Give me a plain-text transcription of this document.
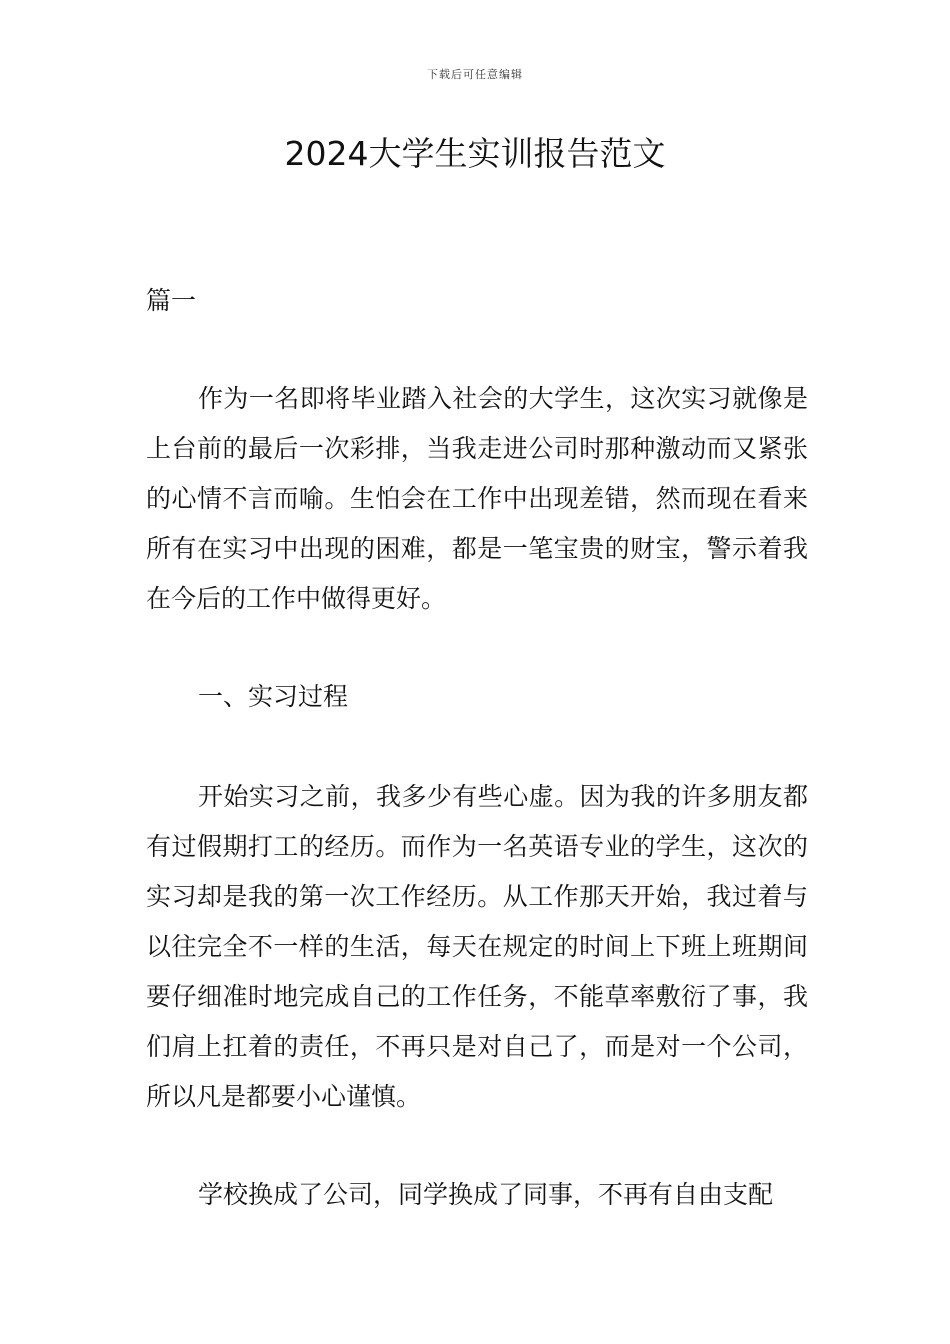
下载后可任意编辑
2024大学生实训报告范文

篇一

作为一名即将毕业踏入社会的大学生，这次实习就像是上台前的最后一次彩排，当我走进公司时那种激动而又紧张的心情不言而喻。生怕会在工作中出现差错，然而现在看来所有在实习中出现的困难，都是一笔宝贵的财宝，警示着我在今后的工作中做得更好。

一、实习过程

开始实习之前，我多少有些心虚。因为我的许多朋友都有过假期打工的经历。而作为一名英语专业的学生，这次的实习却是我的第一次工作经历。从工作那天开始，我过着与以往完全不一样的生活，每天在规定的时间上下班上班期间要仔细准时地完成自己的工作任务，不能草率敷衍了事，我们肩上扛着的责任，不再只是对自己了，而是对一个公司，所以凡是都要小心谨慎。

学校换成了公司，同学换成了同事，不再有自由支配
